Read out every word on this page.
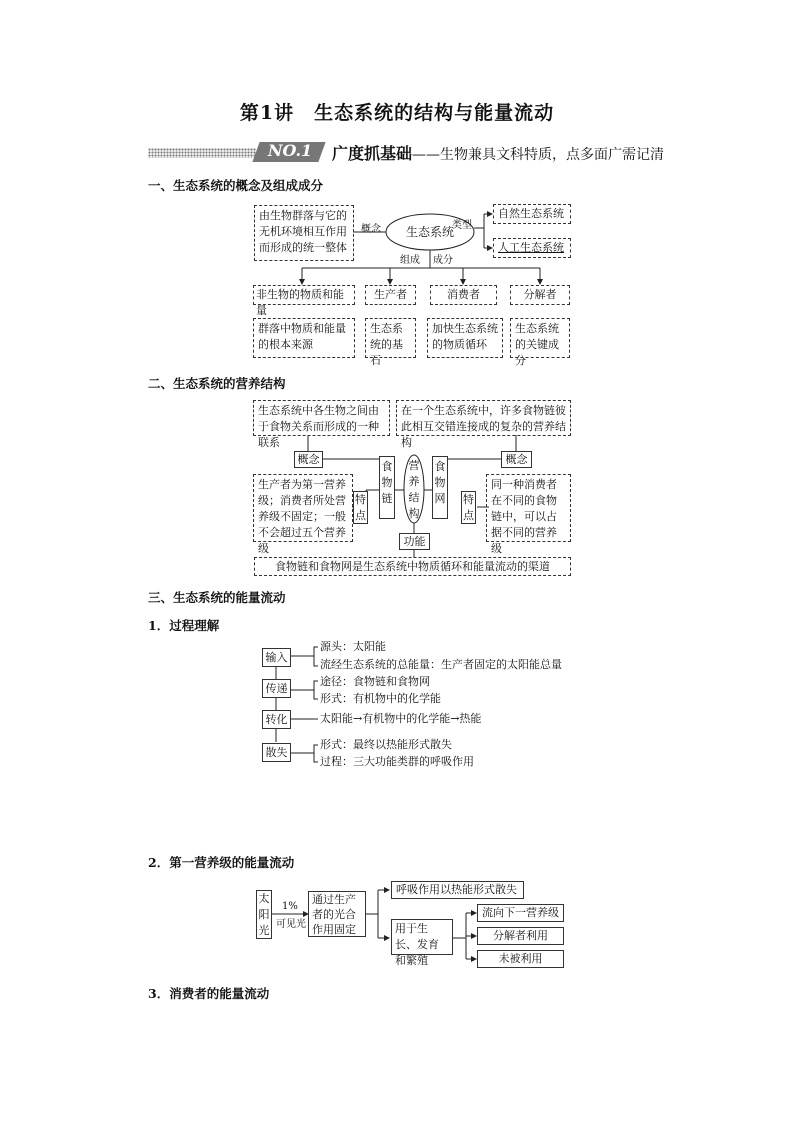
第1讲　生态系统的结构与能量流动
NO.1	广度抓基础——生物兼具文科特质，点多面广需记清
一、生态系统的概念及组成成分
由生物群落与它的无机环境相互作用而形成的统一整体
生态系统
概念	类型
组成 成分
自然生态系统
人工生态系统
非生物的物质和能量
生产者	消费者	分解者
群落中物质和能量的根本来源
生态系统的基石
加快生态系统的物质循环
生态系统的关键成分
二、生态系统的营养结构
生态系统中各生物之间由于食物关系而形成的一种联系
在一个生态系统中，许多食物链彼此相互交错连接成的复杂的营养结构
概念	概念
食物链
食物网
营养结构
特点
特点
生产者为第一营养级；消费者所处营养级不固定；一般不会超过五个营养级
同一种消费者在不同的食物链中，可以占据不同的营养级
功能
食物链和食物网是生态系统中物质循环和能量流动的渠道
三、生态系统的能量流动
1．过程理解
输入
传递
转化
散失
源头：太阳能
流经生态系统的总能量：生产者固定的太阳能总量
途径：食物链和食物网
形式：有机物中的化学能
太阳能→有机物中的化学能→热能
形式：最终以热能形式散失
过程：三大功能类群的呼吸作用
2．第一营养级的能量流动
太阳光
1%
可见光
通过生产者的光合作用固定
呼吸作用以热能形式散失
用于生长、发育和繁殖
流向下一营养级
分解者利用
未被利用
3．消费者的能量流动
